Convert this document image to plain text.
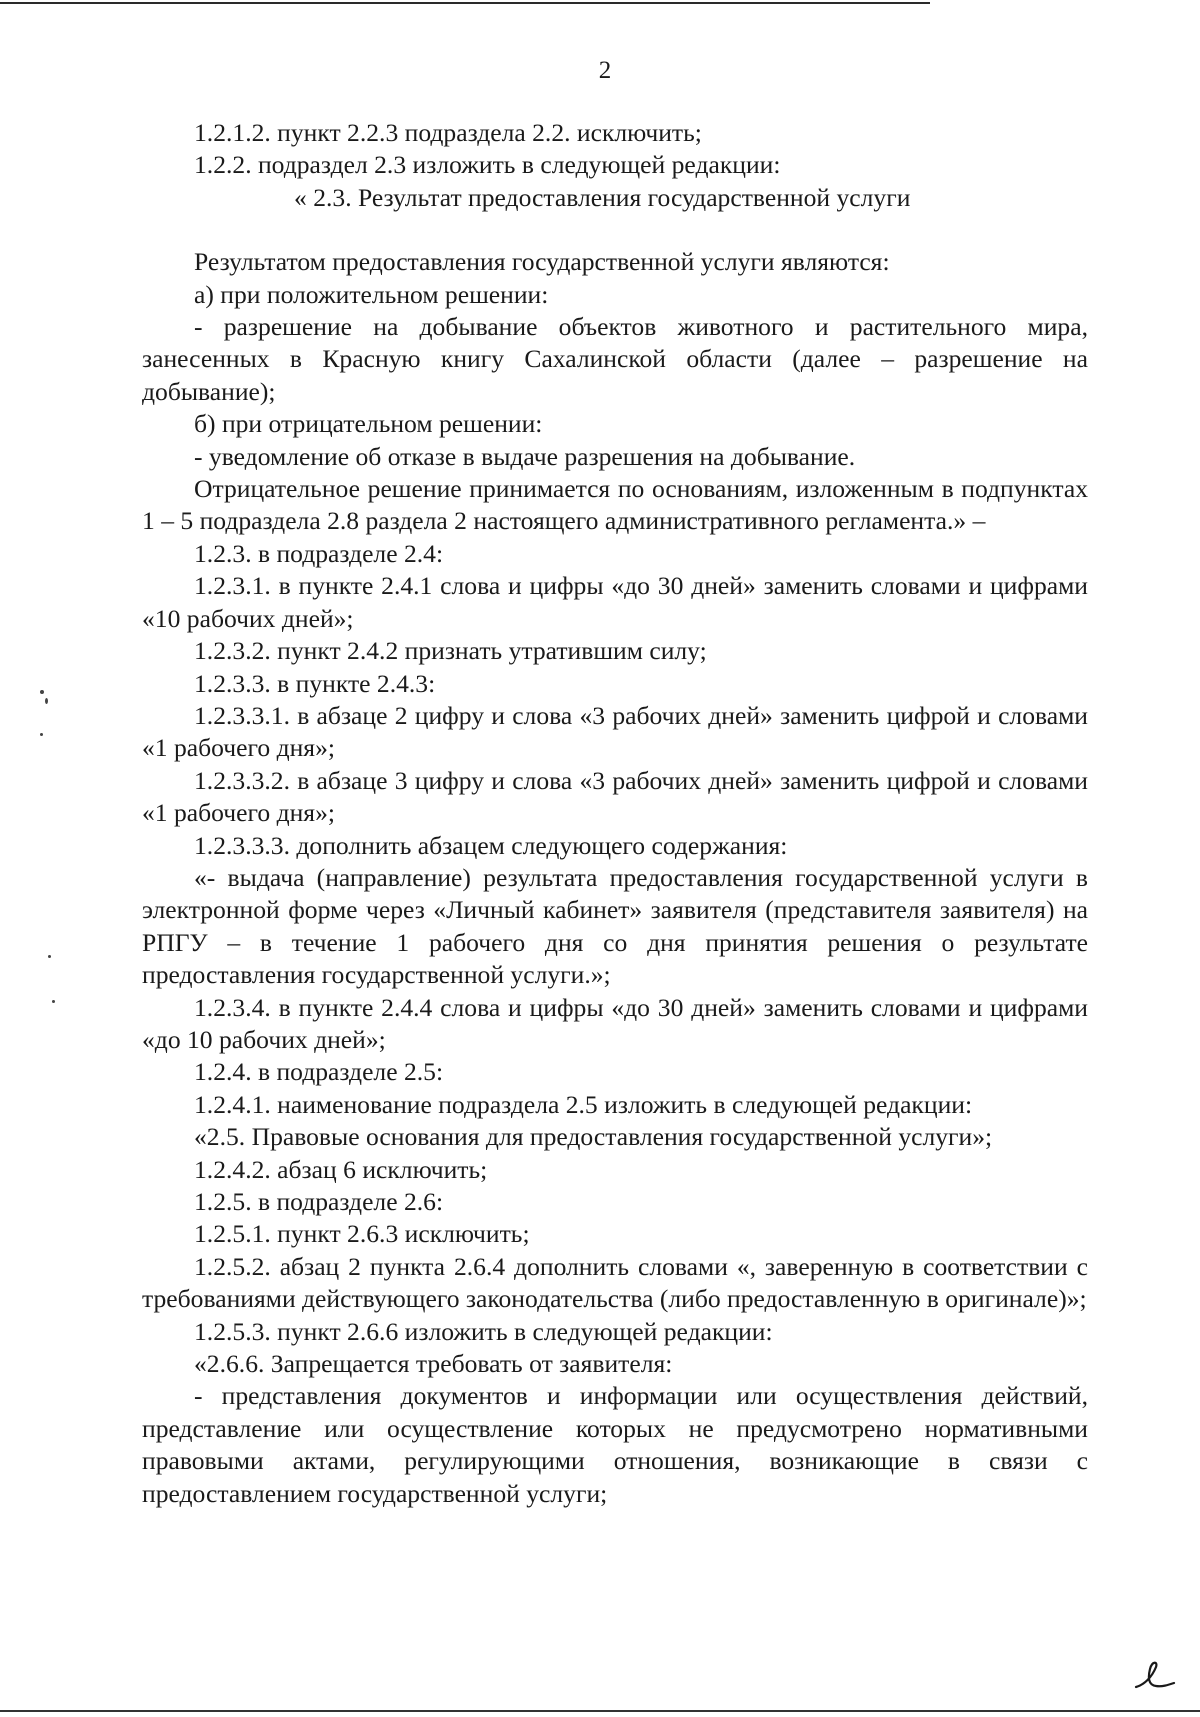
2

1.2.1.2. пункт 2.2.3 подраздела 2.2. исключить;

1.2.2. подраздел 2.3 изложить в следующей редакции:

« 2.3. Результат предоставления государственной услуги

Результатом предоставления государственной услуги являются:

а) при положительном решении:

- разрешение на добывание объектов животного и растительного мира, занесенных в Красную книгу Сахалинской области (далее – разрешение на добывание);

б) при отрицательном решении:

- уведомление об отказе в выдаче разрешения на добывание.

Отрицательное решение принимается по основаниям, изложенным в подпунктах 1 – 5 подраздела 2.8 раздела 2 настоящего административного регламента.» –

1.2.3. в подразделе 2.4:

1.2.3.1. в пункте 2.4.1 слова и цифры «до 30 дней» заменить словами и цифрами «10 рабочих дней»;

1.2.3.2. пункт 2.4.2 признать утратившим силу;

1.2.3.3. в пункте 2.4.3:

1.2.3.3.1. в абзаце 2 цифру и слова «3 рабочих дней» заменить цифрой и словами «1 рабочего дня»;

1.2.3.3.2. в абзаце 3 цифру и слова «3 рабочих дней» заменить цифрой и словами «1 рабочего дня»;

1.2.3.3.3. дополнить абзацем следующего содержания:

«- выдача (направление) результата предоставления государственной услуги в электронной форме через «Личный кабинет» заявителя (представителя заявителя) на РПГУ – в течение 1 рабочего дня со дня принятия решения о результате предоставления государственной услуги.»;

1.2.3.4. в пункте 2.4.4 слова и цифры «до 30 дней» заменить словами и цифрами «до 10 рабочих дней»;

1.2.4. в подразделе 2.5:

1.2.4.1. наименование подраздела 2.5 изложить в следующей редакции:

«2.5. Правовые основания для предоставления государственной услуги»;

1.2.4.2. абзац 6 исключить;

1.2.5. в подразделе 2.6:

1.2.5.1. пункт 2.6.3 исключить;

1.2.5.2. абзац 2 пункта 2.6.4 дополнить словами «, заверенную в соответствии с требованиями действующего законодательства (либо предоставленную в оригинале)»;

1.2.5.3. пункт 2.6.6 изложить в следующей редакции:

«2.6.6. Запрещается требовать от заявителя:

- представления документов и информации или осуществления действий, представление или осуществление которых не предусмотрено нормативными правовыми актами, регулирующими отношения, возникающие в связи с предоставлением государственной услуги;
